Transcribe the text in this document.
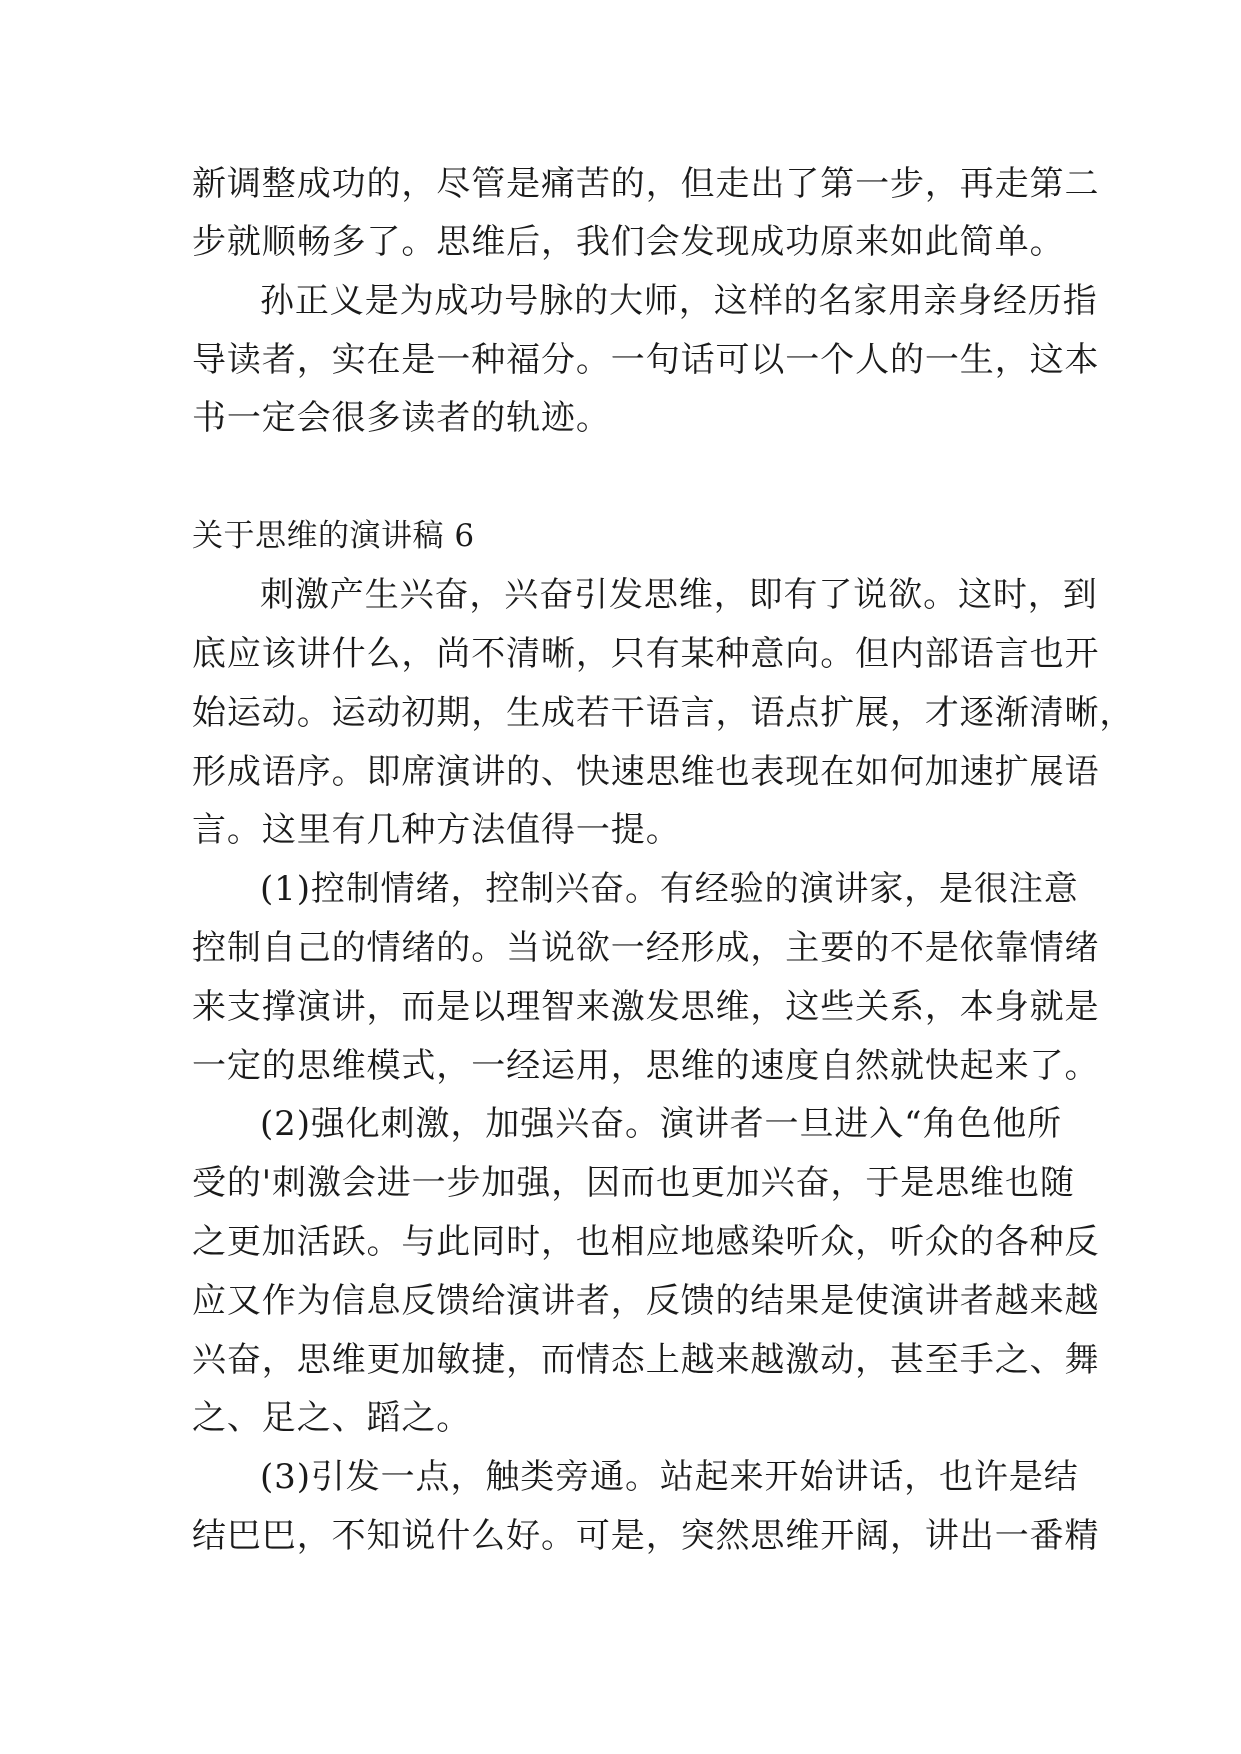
新调整成功的，尽管是痛苦的，但走出了第一步，再走第二
步就顺畅多了。思维后，我们会发现成功原来如此简单。
孙正义是为成功号脉的大师，这样的名家用亲身经历指
导读者，实在是一种福分。一句话可以一个人的一生，这本
书一定会很多读者的轨迹。
关于思维的演讲稿 6
刺激产生兴奋，兴奋引发思维，即有了说欲。这时，到
底应该讲什么，尚不清晰，只有某种意向。但内部语言也开
始运动。运动初期，生成若干语言，语点扩展，才逐渐清晰，
形成语序。即席演讲的、快速思维也表现在如何加速扩展语
言。这里有几种方法值得一提。
(1)控制情绪，控制兴奋。有经验的演讲家，是很注意
控制自己的情绪的。当说欲一经形成，主要的不是依靠情绪
来支撑演讲，而是以理智来激发思维，这些关系，本身就是
一定的思维模式，一经运用，思维的速度自然就快起来了。
(2)强化刺激，加强兴奋。演讲者一旦进入“角色他所
受的'刺激会进一步加强，因而也更加兴奋，于是思维也随
之更加活跃。与此同时，也相应地感染听众，听众的各种反
应又作为信息反馈给演讲者，反馈的结果是使演讲者越来越
兴奋，思维更加敏捷，而情态上越来越激动，甚至手之、舞
之、足之、蹈之。
(3)引发一点，触类旁通。站起来开始讲话，也许是结
结巴巴，不知说什么好。可是，突然思维开阔，讲出一番精
